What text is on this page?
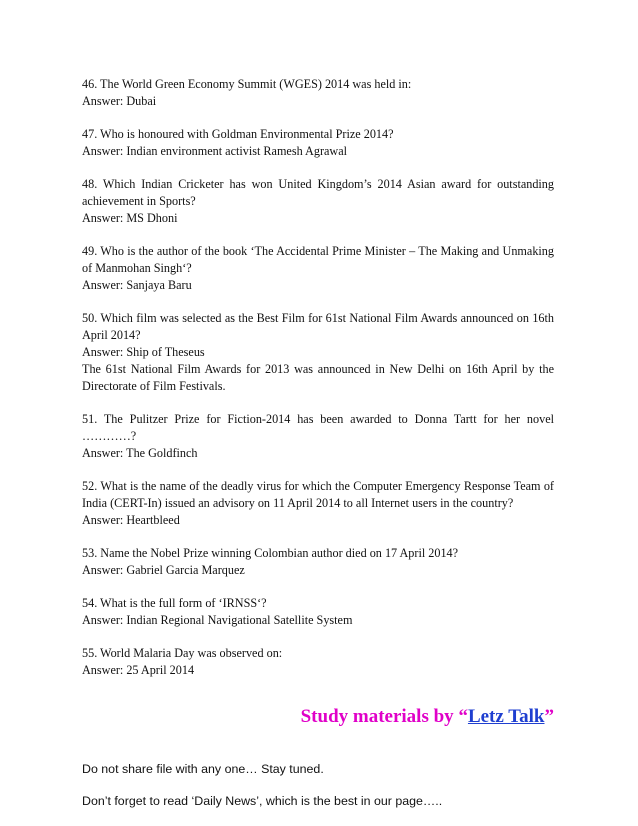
46. The World Green Economy Summit (WGES) 2014 was held in:

Answer: Dubai

47. Who is honoured with Goldman Environmental Prize 2014?

Answer: Indian environment activist Ramesh Agrawal

48. Which Indian Cricketer has won United Kingdom’s 2014 Asian award for outstanding achievement in Sports?

Answer: MS Dhoni

49. Who is the author of the book ‘The Accidental Prime Minister – The Making and Unmaking of Manmohan Singh‘?

Answer: Sanjaya Baru

50. Which film was selected as the Best Film for 61st National Film Awards announced on 16th April 2014?

Answer: Ship of Theseus

The 61st National Film Awards for 2013 was announced in New Delhi on 16th April by the Directorate of Film Festivals.

51. The Pulitzer Prize for Fiction-2014 has been awarded to Donna Tartt for her novel …………?

Answer: The Goldfinch

52. What is the name of the deadly virus for which the Computer Emergency Response Team of India (CERT-In) issued an advisory on 11 April 2014 to all Internet users in the country?

Answer: Heartbleed

53. Name the Nobel Prize winning Colombian author died on 17 April 2014?

Answer: Gabriel Garcia Marquez

54. What is the full form of ‘IRNSS‘?

Answer: Indian Regional Navigational Satellite System

55. World Malaria Day was observed on:

Answer: 25 April 2014

Study materials by “Letz Talk”

Do not share file with any one… Stay tuned.

Don’t forget to read ‘Daily News’, which is the best in our page…..
